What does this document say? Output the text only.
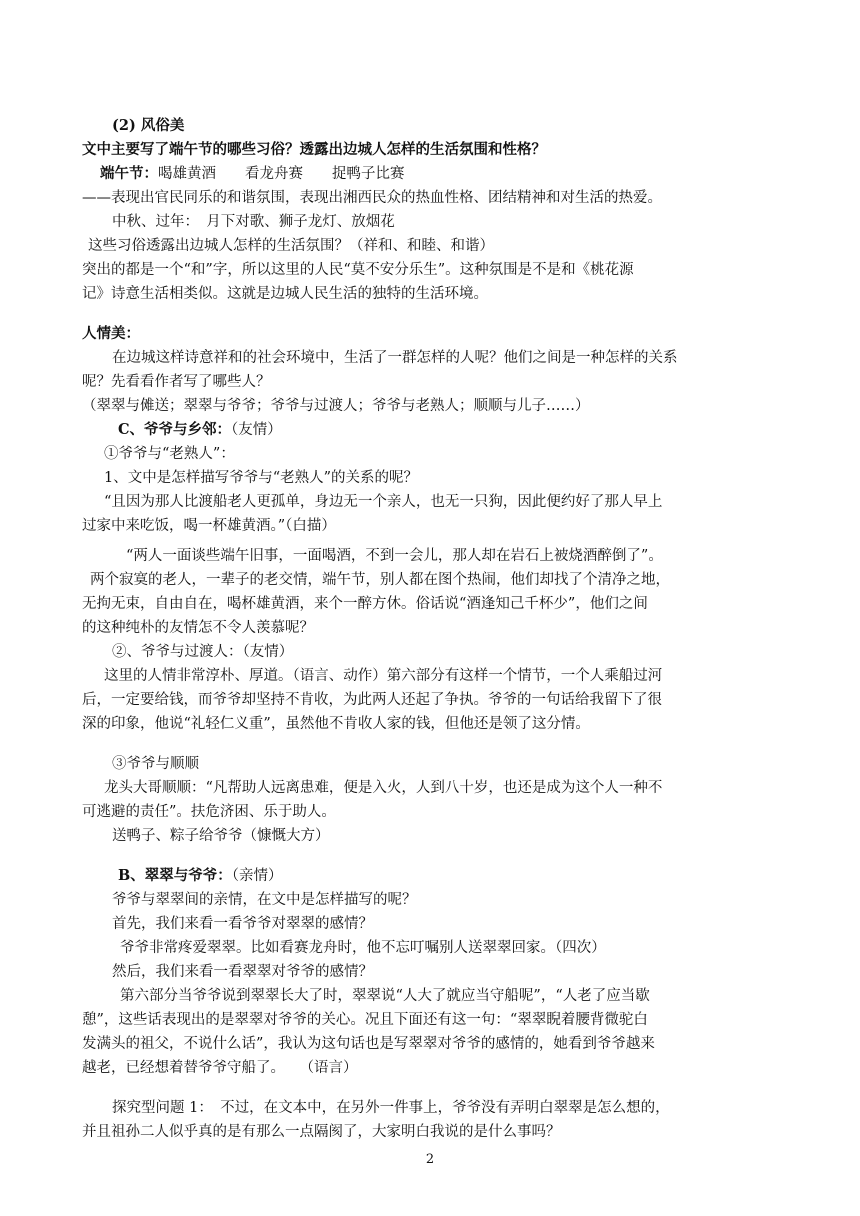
(2) 风俗美
文中主要写了端午节的哪些习俗？透露出边城人怎样的生活氛围和性格？
端午节：喝雄黄酒　　看龙舟赛　　捉鸭子比赛
——表现出官民同乐的和谐氛围，表现出湘西民众的热血性格、团结精神和对生活的热爱。
中秋、过年：　月下对歌、狮子龙灯、放烟花
这些习俗透露出边城人怎样的生活氛围？（祥和、和睦、和谐）
突出的都是一个“和”字，所以这里的人民“莫不安分乐生”。这种氛围是不是和《桃花源
记》诗意生活相类似。这就是边城人民生活的独特的生活环境。
人情美：
在边城这样诗意祥和的社会环境中，生活了一群怎样的人呢？他们之间是一种怎样的关系
呢？先看看作者写了哪些人？
（翠翠与傩送；翠翠与爷爷；爷爷与过渡人；爷爷与老熟人；顺顺与儿子……）
C、爷爷与乡邻：（友情）
①爷爷与“老熟人”：
1、文中是怎样描写爷爷与“老熟人”的关系的呢？
“且因为那人比渡船老人更孤单，身边无一个亲人，也无一只狗，因此便约好了那人早上
过家中来吃饭，喝一杯雄黄酒。”（白描）
“两人一面谈些端午旧事，一面喝酒，不到一会儿，那人却在岩石上被烧酒醉倒了”。
两个寂寞的老人，一辈子的老交情，端午节，别人都在图个热闹，他们却找了个清净之地，
无拘无束，自由自在，喝杯雄黄酒，来个一醉方休。俗话说“酒逢知己千杯少”，他们之间
的这种纯朴的友情怎不令人羡慕呢？
②、爷爷与过渡人：（友情）
这里的人情非常淳朴、厚道。（语言、动作）第六部分有这样一个情节，一个人乘船过河
后，一定要给钱，而爷爷却坚持不肯收，为此两人还起了争执。爷爷的一句话给我留下了很
深的印象，他说“礼轻仁义重”，虽然他不肯收人家的钱，但他还是领了这分情。
③爷爷与顺顺
龙头大哥顺顺：“凡帮助人远离患难，便是入火，人到八十岁，也还是成为这个人一种不
可逃避的责任”。扶危济困、乐于助人。
送鸭子、粽子给爷爷（慷慨大方）
B、翠翠与爷爷：（亲情）
爷爷与翠翠间的亲情，在文中是怎样描写的呢？
首先，我们来看一看爷爷对翠翠的感情？
爷爷非常疼爱翠翠。比如看赛龙舟时，他不忘叮嘱别人送翠翠回家。（四次）
然后，我们来看一看翠翠对爷爷的感情？
第六部分当爷爷说到翠翠长大了时，翠翠说“人大了就应当守船呢”，“人老了应当歇
憩”，这些话表现出的是翠翠对爷爷的关心。况且下面还有这一句：“翠翠睨着腰背微驼白
发满头的祖父，不说什么话”，我认为这句话也是写翠翠对爷爷的感情的，她看到爷爷越来
越老，已经想着替爷爷守船了。　　（语言）
探究型问题 1：　不过，在文本中，在另外一件事上，爷爷没有弄明白翠翠是怎么想的，
并且祖孙二人似乎真的是有那么一点隔阂了，大家明白我说的是什么事吗？
2
